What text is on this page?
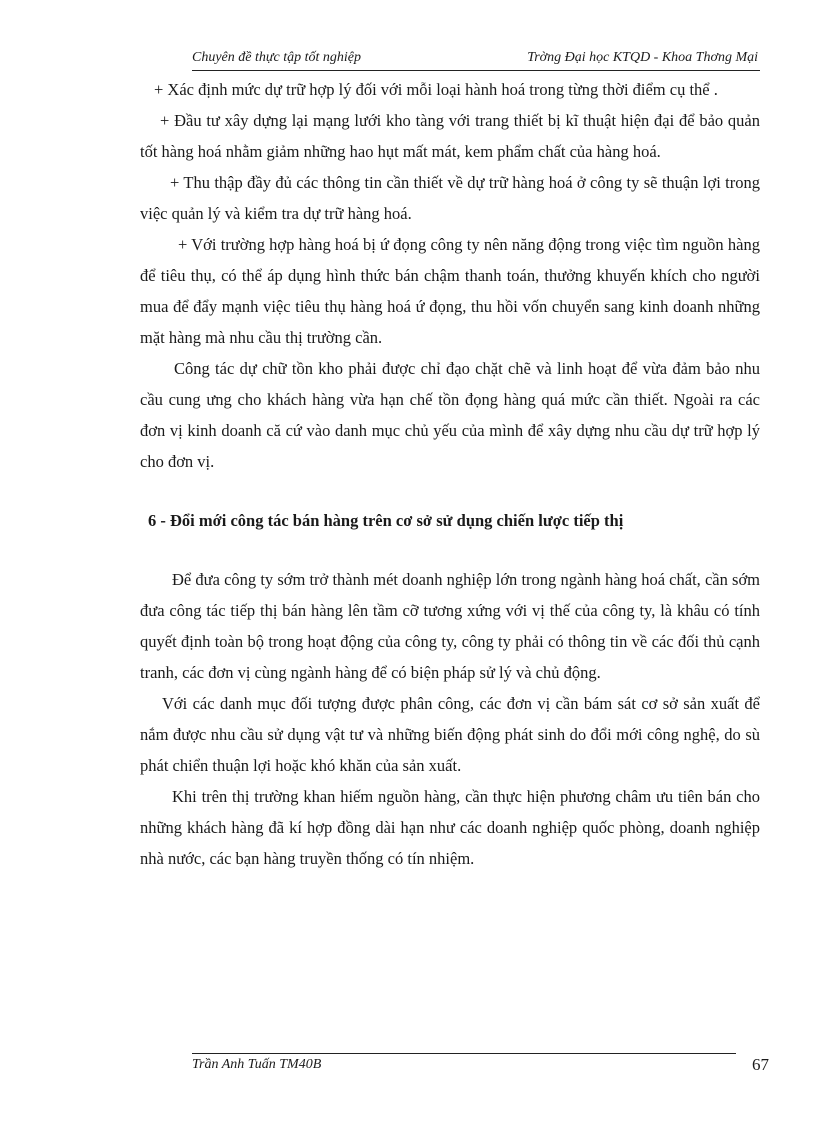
Chuyên đề thực tập tốt nghiệp	Trờng Đại học KTQD - Khoa Thơng Mại

+ Xác định mức dự trữ hợp lý đối với mỗi loại hành hoá trong từng thời điểm cụ thể .

+ Đầu tư xây dựng lại mạng lưới kho tàng với trang thiết bị kĩ thuật hiện đại để bảo quản tốt hàng hoá nhằm giảm những hao hụt mất mát, kem phẩm chất của hàng hoá.

+ Thu thập đầy đủ các thông tin cần thiết về dự trữ hàng hoá ở công ty sẽ thuận lợi trong việc quản lý và kiểm tra dự trữ hàng hoá.

+ Với trường hợp hàng hoá bị ứ đọng công ty nên năng động trong việc tìm nguồn hàng để tiêu thụ, có thể áp dụng hình thức bán chậm thanh toán, thưởng khuyến khích cho người mua để đẩy mạnh việc tiêu thụ hàng hoá ứ đọng, thu hồi vốn chuyển sang kinh doanh những mặt hàng mà nhu cầu thị trường cần.

Công tác dự chữ tồn kho phải được chỉ đạo chặt chẽ và linh hoạt để vừa đảm bảo nhu cầu cung ưng cho khách hàng vừa hạn chế tồn đọng hàng quá mức cần thiết. Ngoài ra các đơn vị kinh doanh că cứ vào danh mục chủ yếu của mình để xây dựng nhu cầu dự trữ hợp lý cho đơn vị.

6 - Đổi mới công tác bán hàng trên cơ sở sử dụng chiến lược tiếp thị

Để đưa công ty sớm trở thành mét doanh nghiệp lớn trong ngành hàng hoá chất, cần sớm đưa công tác tiếp thị bán hàng lên tầm cỡ tương xứng với vị thế của công ty, là khâu có tính quyết định toàn bộ trong hoạt động của công ty, công ty phải có thông tin về các đối thủ cạnh tranh, các đơn vị cùng ngành hàng để có biện pháp sử lý và chủ động.

Với các danh mục đối tượng được phân công, các đơn vị cần bám sát cơ sở sản xuất để nắm được nhu cầu sử dụng vật tư và những biến động phát sinh do đổi mới công nghệ, do sù phát chiển thuận lợi hoặc khó khăn của sản xuất.

Khi trên thị trường khan hiếm nguồn hàng, cần thực hiện phương châm ưu tiên bán cho những khách hàng đã kí hợp đồng dài hạn như các doanh nghiệp quốc phòng, doanh nghiệp nhà nước, các bạn hàng truyền thống có tín nhiệm.

Trần Anh Tuấn TM40B	67
